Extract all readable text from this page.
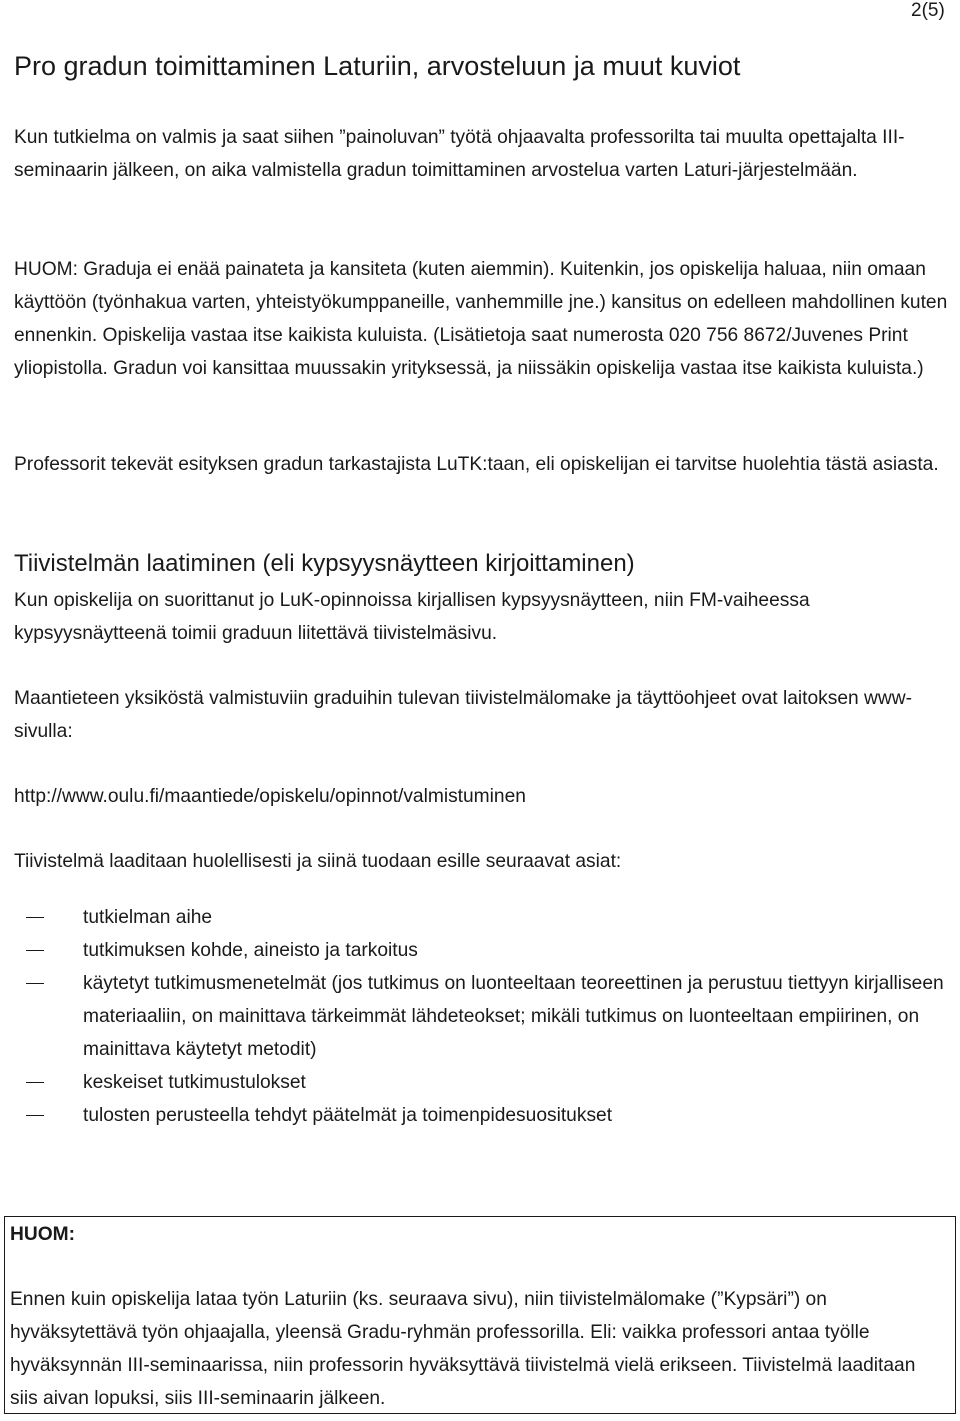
2(5)
Pro gradun toimittaminen Laturiin, arvosteluun ja muut kuviot

Kun tutkielma on valmis ja saat siihen ”painoluvan” työtä ohjaavalta professorilta tai muulta opettajalta III-seminaarin jälkeen, on aika valmistella gradun toimittaminen arvostelua varten Laturi-järjestelmään.

HUOM: Graduja ei enää painateta ja kansiteta (kuten aiemmin). Kuitenkin, jos opiskelija haluaa, niin omaan käyttöön (työnhakua varten, yhteistyökumppaneille, vanhemmille jne.) kansitus on edelleen mahdollinen kuten ennenkin. Opiskelija vastaa itse kaikista kuluista. (Lisätietoja saat numerosta 020 756 8672/Juvenes Print yliopistolla. Gradun voi kansittaa muussakin yrityksessä, ja niissäkin opiskelija vastaa itse kaikista kuluista.)

Professorit tekevät esityksen gradun tarkastajista LuTK:taan, eli opiskelijan ei tarvitse huolehtia tästä asiasta.

Tiivistelmän laatiminen (eli kypsyysnäytteen kirjoittaminen)

Kun opiskelija on suorittanut jo LuK-opinnoissa kirjallisen kypsyysnäytteen, niin FM-vaiheessa kypsyysnäytteenä toimii graduun liitettävä tiivistelmäsivu.

Maantieteen yksiköstä valmistuviin graduihin tulevan tiivistelmälomake ja täyttöohjeet ovat laitoksen www-sivulla:

http://www.oulu.fi/maantiede/opiskelu/opinnot/valmistuminen

Tiivistelmä laaditaan huolellisesti ja siinä tuodaan esille seuraavat asiat:

tutkielman aihe
tutkimuksen kohde, aineisto ja tarkoitus
käytetyt tutkimusmenetelmät (jos tutkimus on luonteeltaan teoreettinen ja perustuu tiettyyn kirjalliseen materiaaliin, on mainittava tärkeimmät lähdeteokset; mikäli tutkimus on luonteeltaan empiirinen, on mainittava käytetyt metodit)
keskeiset tutkimustulokset
tulosten perusteella tehdyt päätelmät ja toimenpidesuositukset

HUOM:

Ennen kuin opiskelija lataa työn Laturiin (ks. seuraava sivu), niin tiivistelmälomake (”Kypsäri”) on hyväksytettävä työn ohjaajalla, yleensä Gradu-ryhmän professorilla. Eli: vaikka professori antaa työlle hyväksynnän III-seminaarissa, niin professorin hyväksyttävä tiivistelmä vielä erikseen. Tiivistelmä laaditaan siis aivan lopuksi, siis III-seminaarin jälkeen.
